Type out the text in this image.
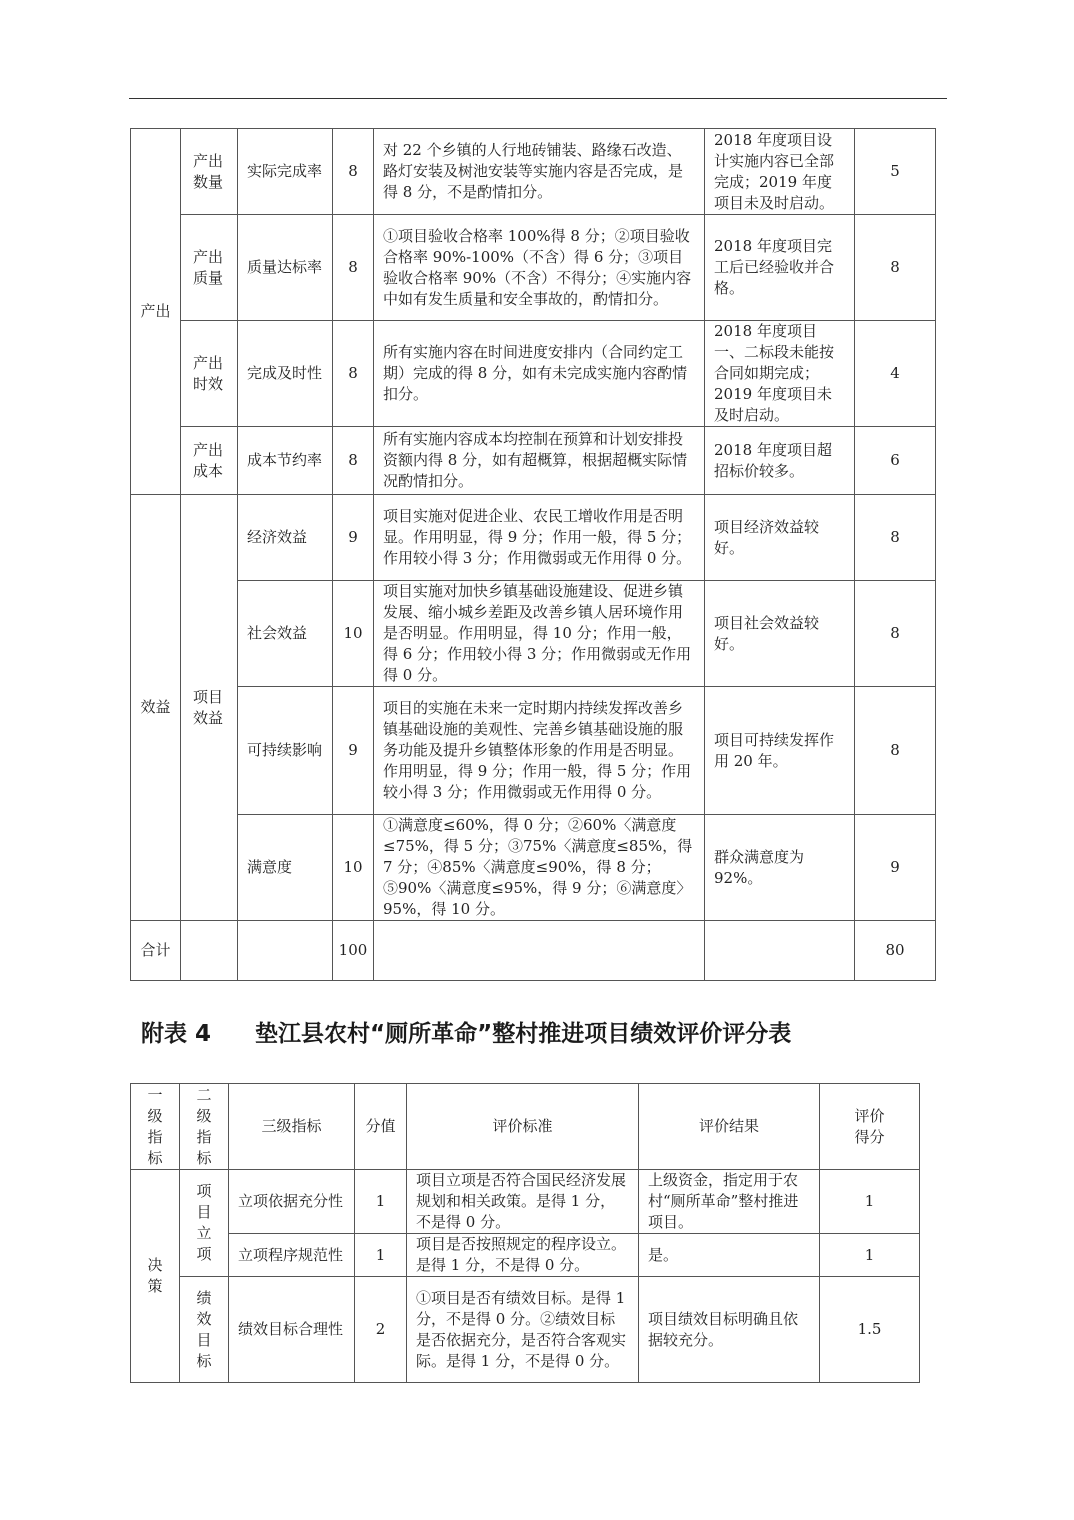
产出	产出数量	实际完成率	8	对 22 个乡镇的人行地砖铺装、路缘石改造、路灯安装及树池安装等实施内容是否完成，是得 8 分，不是酌情扣分。	2018 年度项目设计实施内容已全部完成；2019 年度项目未及时启动。	5
	产出质量	质量达标率	8	①项目验收合格率 100%得 8 分；②项目验收合格率 90%-100%（不含）得 6 分；③项目验收合格率 90%（不含）不得分；④实施内容中如有发生质量和安全事故的，酌情扣分。	2018 年度项目完工后已经验收并合格。	8
	产出时效	完成及时性	8	所有实施内容在时间进度安排内（合同约定工期）完成的得 8 分，如有未完成实施内容酌情扣分。	2018 年度项目一、二标段未能按合同如期完成；2019 年度项目未及时启动。	4
	产出成本	成本节约率	8	所有实施内容成本均控制在预算和计划安排投资额内得 8 分，如有超概算，根据超概实际情况酌情扣分。	2018 年度项目超招标价较多。	6
效益	项目效益	经济效益	9	项目实施对促进企业、农民工增收作用是否明显。作用明显，得 9 分；作用一般，得 5 分；作用较小得 3 分；作用微弱或无作用得 0 分。	项目经济效益较好。	8
		社会效益	10	项目实施对加快乡镇基础设施建设、促进乡镇发展、缩小城乡差距及改善乡镇人居环境作用是否明显。作用明显，得 10 分；作用一般，得 6 分；作用较小得 3 分；作用微弱或无作用得 0 分。	项目社会效益较好。	8
		可持续影响	9	项目的实施在未来一定时期内持续发挥改善乡镇基础设施的美观性、完善乡镇基础设施的服务功能及提升乡镇整体形象的作用是否明显。作用明显，得 9 分；作用一般，得 5 分；作用较小得 3 分；作用微弱或无作用得 0 分。	项目可持续发挥作用 20 年。	8
		满意度	10	①满意度≤60%，得 0 分；②60%〈满意度≤75%，得 5 分；③75%〈满意度≤85%，得 7 分；④85%〈满意度≤90%，得 8 分；⑤90%〈满意度≤95%，得 9 分；⑥满意度〉95%，得 10 分。	群众满意度为 92%。	9
合计			100			80
附表 4 垫江县农村“厕所革命”整村推进项目绩效评价评分表
一级指标	二级指标	三级指标	分值	评价标准	评价结果	评价得分
决策	项目立项	立项依据充分性	1	项目立项是否符合国民经济发展规划和相关政策。是得 1 分，不是得 0 分。	上级资金，指定用于农村“厕所革命”整村推进项目。	1
		立项程序规范性	1	项目是否按照规定的程序设立。是得 1 分，不是得 0 分。	是。	1
	绩效目标	绩效目标合理性	2	①项目是否有绩效目标。是得 1 分，不是得 0 分。②绩效目标是否依据充分，是否符合客观实际。是得 1 分，不是得 0 分。	项目绩效目标明确且依据较充分。	1.5
